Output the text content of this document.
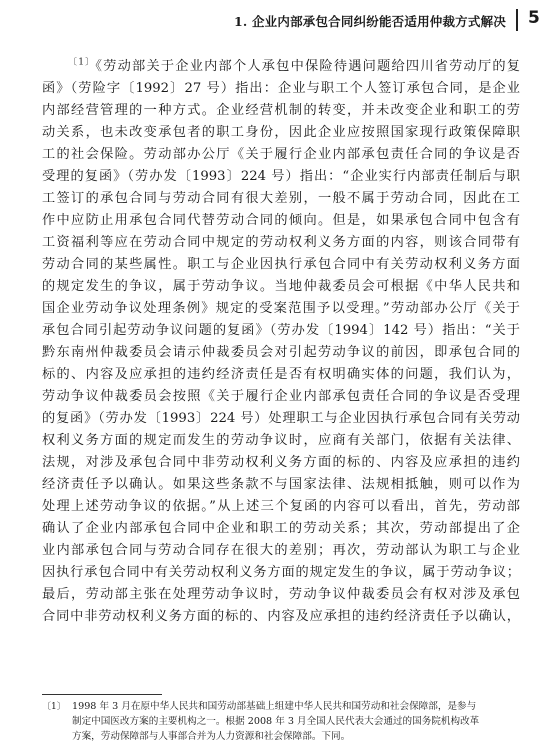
1. 企业内部承包合同纠纷能否适用仲裁方式解决 5
$^{〔1〕}$《劳动部关于企业内部个人承包中保险待遇问题给四川省劳动厅的复
函》（劳险字〔1992〕27 号）指出：企业与职工个人签订承包合同，是企业
内部经营管理的一种方式。企业经营机制的转变，并未改变企业和职工的劳
动关系，也未改变承包者的职工身份，因此企业应按照国家现行政策保障职
工的社会保险。劳动部办公厅《关于履行企业内部承包责任合同的争议是否
受理的复函》（劳办发〔1993〕224 号）指出：“企业实行内部责任制后与职
工签订的承包合同与劳动合同有很大差别，一般不属于劳动合同，因此在工
作中应防止用承包合同代替劳动合同的倾向。但是，如果承包合同中包含有
工资福利等应在劳动合同中规定的劳动权利义务方面的内容，则该合同带有
劳动合同的某些属性。职工与企业因执行承包合同中有关劳动权利义务方面
的规定发生的争议，属于劳动争议。当地仲裁委员会可根据《中华人民共和
国企业劳动争议处理条例》规定的受案范围予以受理。”劳动部办公厅《关于
承包合同引起劳动争议问题的复函》（劳办发〔1994〕142 号）指出：“关于
黔东南州仲裁委员会请示仲裁委员会对引起劳动争议的前因，即承包合同的
标的、内容及应承担的违约经济责任是否有权明确实体的问题，我们认为，
劳动争议仲裁委员会按照《关于履行企业内部承包责任合同的争议是否受理
的复函》（劳办发〔1993〕224 号）处理职工与企业因执行承包合同有关劳动
权利义务方面的规定而发生的劳动争议时，应商有关部门，依据有关法律、
法规，对涉及承包合同中非劳动权利义务方面的标的、内容及应承担的违约
经济责任予以确认。如果这些条款不与国家法律、法规相抵触，则可以作为
处理上述劳动争议的依据。”从上述三个复函的内容可以看出，首先，劳动部
确认了企业内部承包合同中企业和职工的劳动关系；其次，劳动部提出了企
业内部承包合同与劳动合同存在很大的差别；再次，劳动部认为职工与企业
因执行承包合同中有关劳动权利义务方面的规定发生的争议，属于劳动争议；
最后，劳动部主张在处理劳动争议时，劳动争议仲裁委员会有权对涉及承包
合同中非劳动权利义务方面的标的、内容及应承担的违约经济责任予以确认，
〔1〕 1998 年 3 月在原中华人民共和国劳动部基础上组建中华人民共和国劳动和社会保障部，是参与
制定中国医改方案的主要机构之一。根据 2008 年 3 月全国人民代表大会通过的国务院机构改革
方案，劳动保障部与人事部合并为人力资源和社会保障部。下同。
